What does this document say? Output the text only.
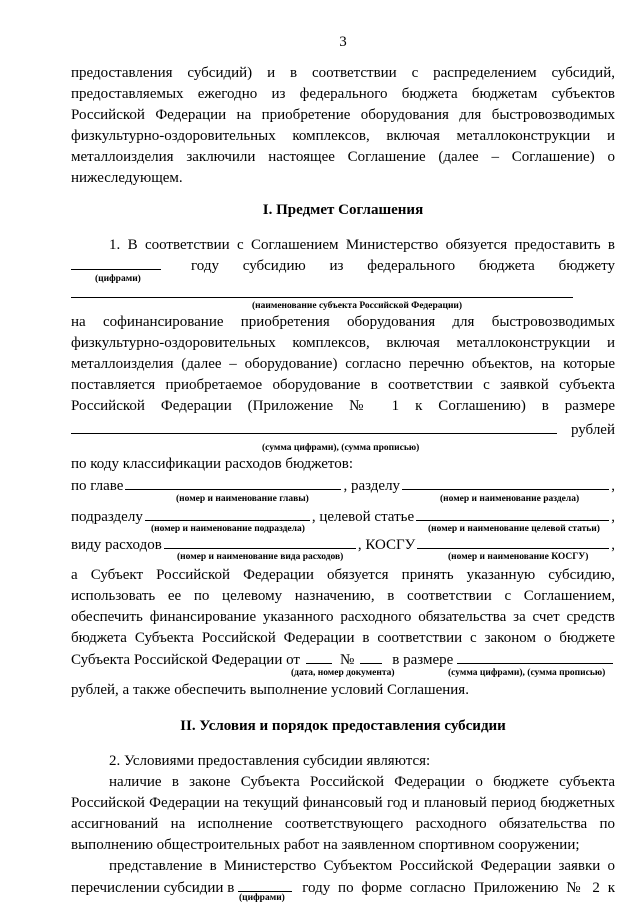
3
предоставления субсидий) и в соответствии с распределением субсидий,
предоставляемых ежегодно из федерального бюджета бюджетам субъектов
Российской Федерации на приобретение оборудования для быстровозводимых
физкультурно-оздоровительных комплексов, включая металлоконструкции и
металлоизделия заключили настоящее Соглашение (далее – Соглашение) о
нижеследующем.
I. Предмет Соглашения
1. В соответствии с Соглашением Министерство обязуется предоставить в
году субсидию из федерального бюджета бюджету
(цифрами)
(наименование субъекта Российской Федерации)
на софинансирование приобретения оборудования для быстровозводимых
физкультурно-оздоровительных комплексов, включая металлоконструкции и
металлоизделия (далее – оборудование) согласно перечню объектов, на которые
поставляется приобретаемое оборудование в соответствии с заявкой субъекта
Российской Федерации (Приложение № 1 к Соглашению) в размере
рублей
(сумма цифрами), (сумма прописью)
по коду классификации расходов бюджетов:
по главе	, разделу	,
(номер и наименование главы)	(номер и наименование раздела)
подразделу	, целевой статье	,
(номер и наименование подраздела)	(номер и наименование целевой статьи)
виду расходов	, КОСГУ	,
(номер и наименование вида расходов)	(номер и наименование КОСГУ)
а Субъект Российской Федерации обязуется принять указанную субсидию,
использовать ее по целевому назначению, в соответствии с Соглашением,
обеспечить финансирование указанного расходного обязательства за счет средств
бюджета Субъекта Российской Федерации в соответствии с законом о бюджете
Субъекта Российской Федерации от	№	в размере
(дата, номер документа)	(сумма цифрами), (сумма прописью)
рублей, а также обеспечить выполнение условий Соглашения.
II. Условия и порядок предоставления субсидии
2. Условиями предоставления субсидии являются:
наличие в законе Субъекта Российской Федерации о бюджете субъекта
Российской Федерации на текущий финансовый год и плановый период бюджетных
ассигнований на исполнение соответствующего расходного обязательства по
выполнению общестроительных работ на заявленном спортивном сооружении;
представление в Министерство Субъектом Российской Федерации заявки о
перечислении субсидии в	году по форме согласно Приложению № 2 к
(цифрами)
